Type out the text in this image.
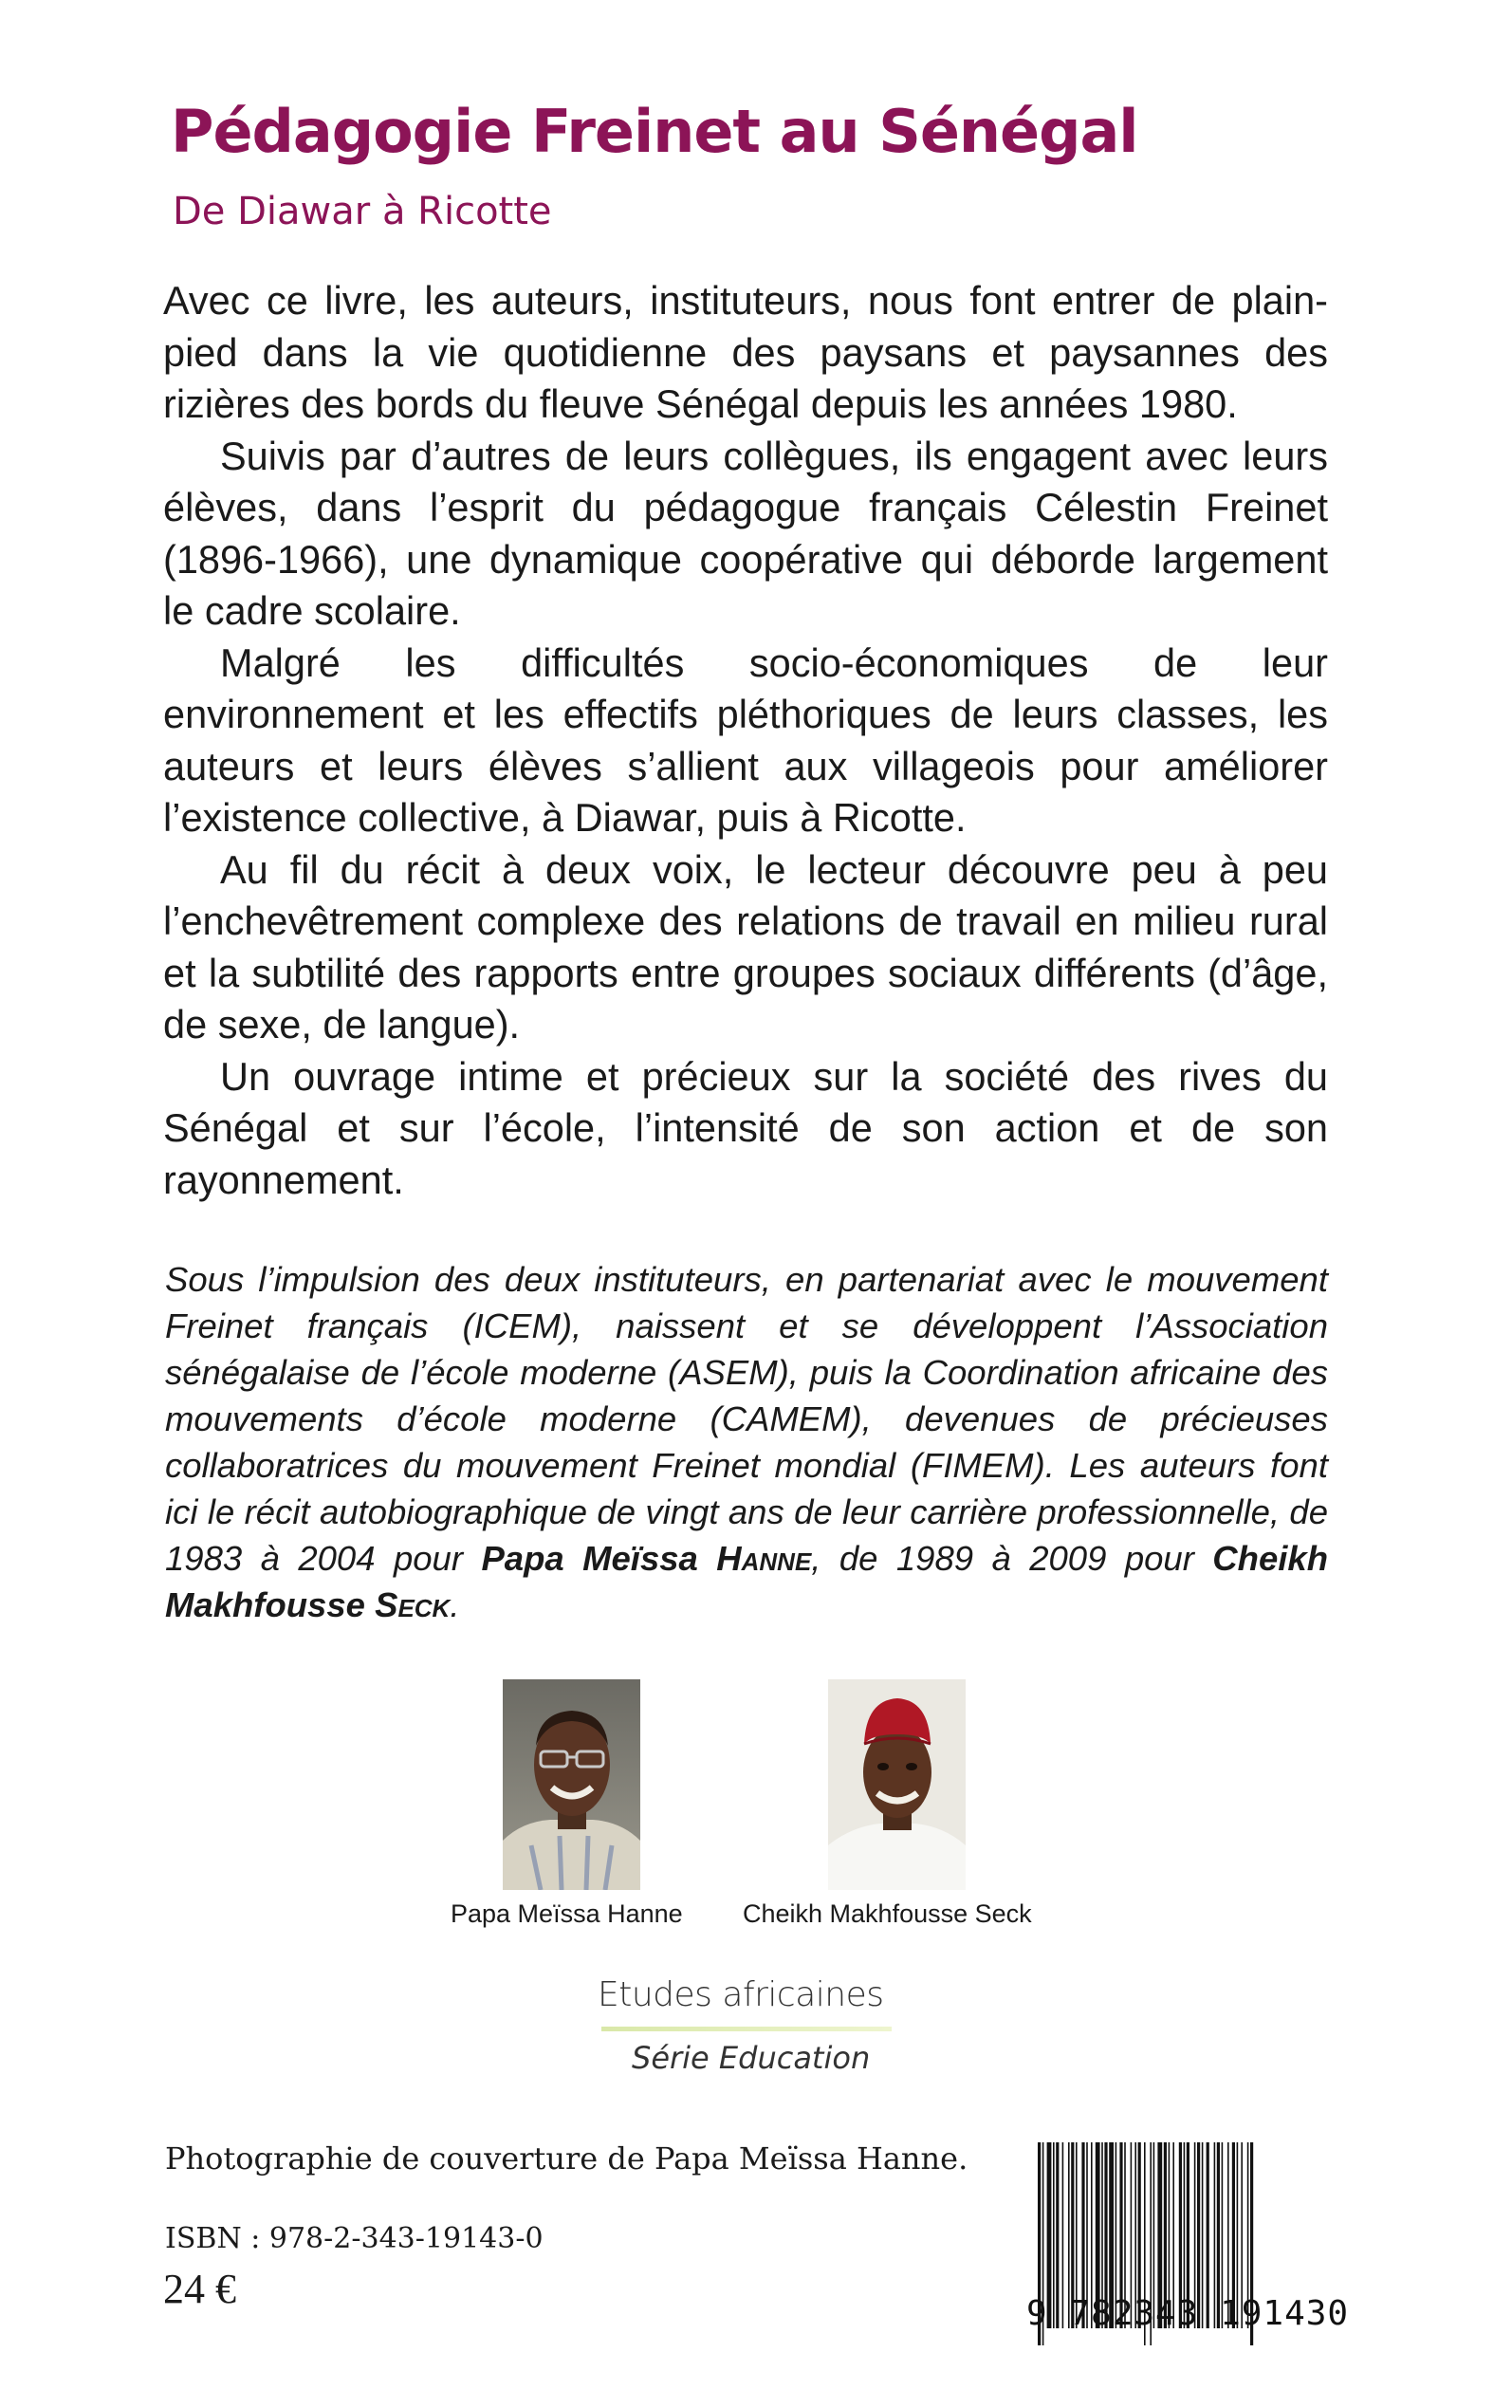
Pédagogie Freinet au Sénégal
De Diawar à Ricotte

Avec ce livre, les auteurs, instituteurs, nous font entrer de plain-pied dans la vie quotidienne des paysans et paysannes des rizières des bords du fleuve Sénégal depuis les années 1980.

Suivis par d’autres de leurs collègues, ils engagent avec leurs élèves, dans l’esprit du pédagogue français Célestin Freinet (1896-1966), une dynamique coopérative qui déborde largement le cadre scolaire.

Malgré les difficultés socio-économiques de leur environnement et les effectifs pléthoriques de leurs classes, les auteurs et leurs élèves s’allient aux villageois pour améliorer l’existence collective, à Diawar, puis à Ricotte.

Au fil du récit à deux voix, le lecteur découvre peu à peu l’enchevêtrement complexe des relations de travail en milieu rural et la subtilité des rapports entre groupes sociaux différents (d’âge, de sexe, de langue).

Un ouvrage intime et précieux sur la société des rives du Sénégal et sur l’école, l’intensité de son action et de son rayonnement.

Sous l’impulsion des deux instituteurs, en partenariat avec le mouvement Freinet français (ICEM), naissent et se développent l’Association sénégalaise de l’école moderne (ASEM), puis la Coordination africaine des mouvements d’école moderne (CAMEM), devenues de précieuses collaboratrices du mouvement Freinet mondial (FIMEM). Les auteurs font ici le récit autobiographique de vingt ans de leur carrière professionnelle, de 1983 à 2004 pour Papa Meïssa Hanne, de 1989 à 2009 pour Cheikh Makhfousse Seck.
Papa Meïssa Hanne Cheikh Makhfousse Seck
Etudes africaines
Série Education
Photographie de couverture de Papa Meïssa Hanne.
ISBN : 978-2-343-19143-0
24 €
9 782343 191430
